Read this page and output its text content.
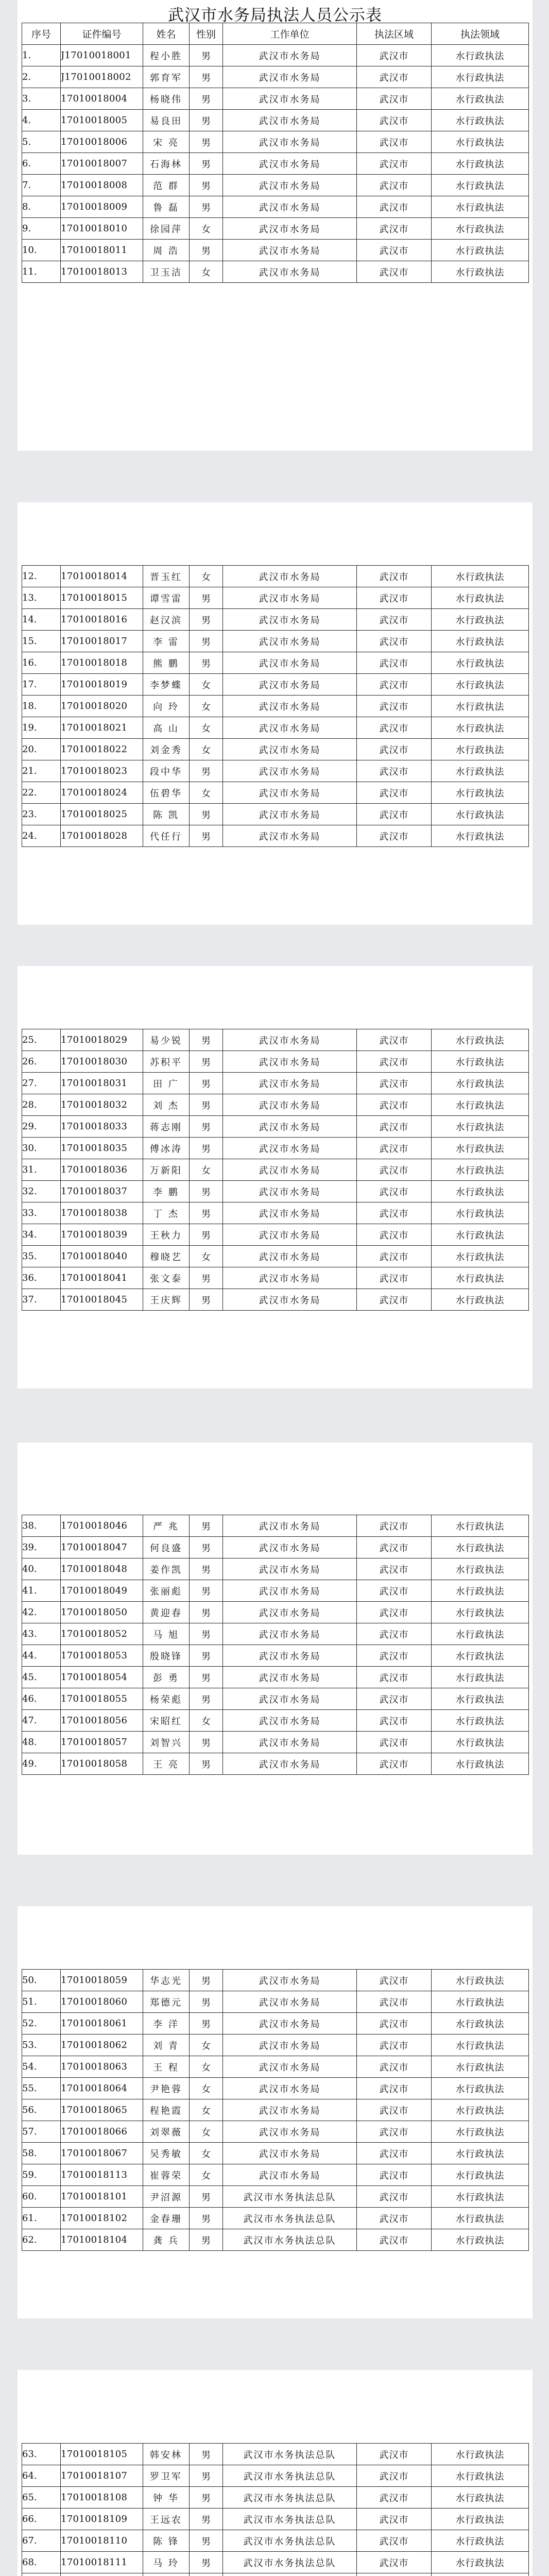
武汉市水务局执法人员公示表
序号	证件编号	姓名	性别	工作单位	执法区域	执法领域
1.	J17010018001	程小胜	男	武汉市水务局	武汉市	水行政执法
2.	J17010018002	郭育军	男	武汉市水务局	武汉市	水行政执法
3.	17010018004	杨晓伟	男	武汉市水务局	武汉市	水行政执法
4.	17010018005	易良田	男	武汉市水务局	武汉市	水行政执法
5.	17010018006	宋 亮	男	武汉市水务局	武汉市	水行政执法
6.	17010018007	石海林	男	武汉市水务局	武汉市	水行政执法
7.	17010018008	范 群	男	武汉市水务局	武汉市	水行政执法
8.	17010018009	鲁 磊	男	武汉市水务局	武汉市	水行政执法
9.	17010018010	徐园萍	女	武汉市水务局	武汉市	水行政执法
10.	17010018011	周 浩	男	武汉市水务局	武汉市	水行政执法
11.	17010018013	卫玉洁	女	武汉市水务局	武汉市	水行政执法
12.	17010018014	晋玉红	女	武汉市水务局	武汉市	水行政执法
13.	17010018015	谭雪雷	男	武汉市水务局	武汉市	水行政执法
14.	17010018016	赵汉滨	男	武汉市水务局	武汉市	水行政执法
15.	17010018017	李 雷	男	武汉市水务局	武汉市	水行政执法
16.	17010018018	熊 鹏	男	武汉市水务局	武汉市	水行政执法
17.	17010018019	李梦蝶	女	武汉市水务局	武汉市	水行政执法
18.	17010018020	向 玲	女	武汉市水务局	武汉市	水行政执法
19.	17010018021	高 山	女	武汉市水务局	武汉市	水行政执法
20.	17010018022	刘金秀	女	武汉市水务局	武汉市	水行政执法
21.	17010018023	段中华	男	武汉市水务局	武汉市	水行政执法
22.	17010018024	伍碧华	女	武汉市水务局	武汉市	水行政执法
23.	17010018025	陈 凯	男	武汉市水务局	武汉市	水行政执法
24.	17010018028	代任行	男	武汉市水务局	武汉市	水行政执法
25.	17010018029	易少锐	男	武汉市水务局	武汉市	水行政执法
26.	17010018030	苏积平	男	武汉市水务局	武汉市	水行政执法
27.	17010018031	田 广	男	武汉市水务局	武汉市	水行政执法
28.	17010018032	刘 杰	男	武汉市水务局	武汉市	水行政执法
29.	17010018033	蒋志刚	男	武汉市水务局	武汉市	水行政执法
30.	17010018035	傅冰涛	男	武汉市水务局	武汉市	水行政执法
31.	17010018036	万新阳	女	武汉市水务局	武汉市	水行政执法
32.	17010018037	李 鹏	男	武汉市水务局	武汉市	水行政执法
33.	17010018038	丁 杰	男	武汉市水务局	武汉市	水行政执法
34.	17010018039	王秋力	男	武汉市水务局	武汉市	水行政执法
35.	17010018040	穆晓艺	女	武汉市水务局	武汉市	水行政执法
36.	17010018041	张文泰	男	武汉市水务局	武汉市	水行政执法
37.	17010018045	王庆辉	男	武汉市水务局	武汉市	水行政执法
38.	17010018046	严 兆	男	武汉市水务局	武汉市	水行政执法
39.	17010018047	何良盛	男	武汉市水务局	武汉市	水行政执法
40.	17010018048	姜作凯	男	武汉市水务局	武汉市	水行政执法
41.	17010018049	张丽彪	男	武汉市水务局	武汉市	水行政执法
42.	17010018050	黄迎春	男	武汉市水务局	武汉市	水行政执法
43.	17010018052	马 旭	男	武汉市水务局	武汉市	水行政执法
44.	17010018053	殷晓锋	男	武汉市水务局	武汉市	水行政执法
45.	17010018054	彭 勇	男	武汉市水务局	武汉市	水行政执法
46.	17010018055	杨荣彪	男	武汉市水务局	武汉市	水行政执法
47.	17010018056	宋昭红	女	武汉市水务局	武汉市	水行政执法
48.	17010018057	刘智兴	男	武汉市水务局	武汉市	水行政执法
49.	17010018058	王 亮	男	武汉市水务局	武汉市	水行政执法
50.	17010018059	华志光	男	武汉市水务局	武汉市	水行政执法
51.	17010018060	郑德元	男	武汉市水务局	武汉市	水行政执法
52.	17010018061	李 洋	男	武汉市水务局	武汉市	水行政执法
53.	17010018062	刘 青	女	武汉市水务局	武汉市	水行政执法
54.	17010018063	王 程	女	武汉市水务局	武汉市	水行政执法
55.	17010018064	尹艳蓉	女	武汉市水务局	武汉市	水行政执法
56.	17010018065	程艳霞	女	武汉市水务局	武汉市	水行政执法
57.	17010018066	刘翠薇	女	武汉市水务局	武汉市	水行政执法
58.	17010018067	吴秀敏	女	武汉市水务局	武汉市	水行政执法
59.	17010018113	崔蓉荣	女	武汉市水务局	武汉市	水行政执法
60.	17010018101	尹沼源	男	武汉市水务执法总队	武汉市	水行政执法
61.	17010018102	金春珊	男	武汉市水务执法总队	武汉市	水行政执法
62.	17010018104	龚 兵	男	武汉市水务执法总队	武汉市	水行政执法
63.	17010018105	韩安林	男	武汉市水务执法总队	武汉市	水行政执法
64.	17010018107	罗卫军	男	武汉市水务执法总队	武汉市	水行政执法
65.	17010018108	钟 华	男	武汉市水务执法总队	武汉市	水行政执法
66.	17010018109	王远农	男	武汉市水务执法总队	武汉市	水行政执法
67.	17010018110	陈 锋	男	武汉市水务执法总队	武汉市	水行政执法
68.	17010018111	马 玲	男	武汉市水务执法总队	武汉市	水行政执法
